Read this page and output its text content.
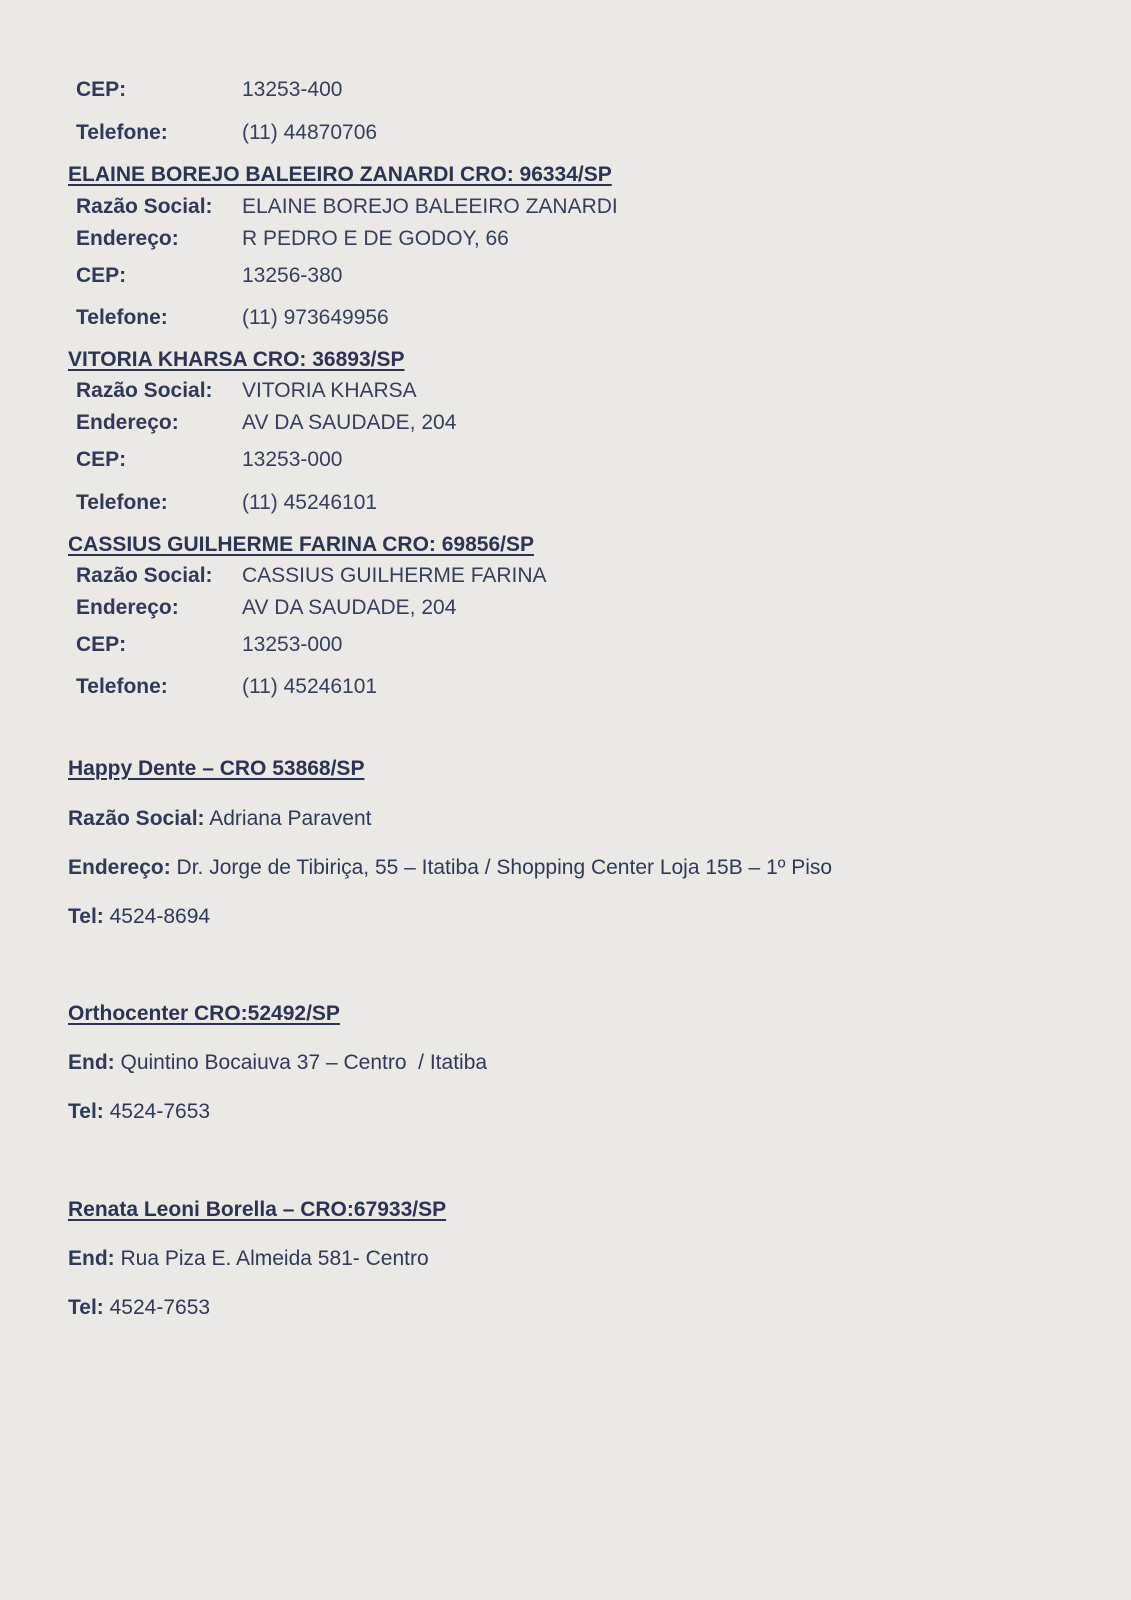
CEP:	13253-400
Telefone:	(11) 44870706
ELAINE BOREJO BALEEIRO ZANARDI CRO: 96334/SP
Razão Social: ELAINE BOREJO BALEEIRO ZANARDI
Endereço:	R PEDRO E DE GODOY, 66
CEP:	13256-380
Telefone:	(11) 973649956
VITORIA KHARSA CRO: 36893/SP
Razão Social: VITORIA KHARSA
Endereço:	AV DA SAUDADE, 204
CEP:	13253-000
Telefone:	(11) 45246101
CASSIUS GUILHERME FARINA CRO: 69856/SP
Razão Social: CASSIUS GUILHERME FARINA
Endereço:	AV DA SAUDADE, 204
CEP:	13253-000
Telefone:	(11) 45246101
Happy Dente – CRO 53868/SP
Razão Social: Adriana Paravent
Endereço: Dr. Jorge de Tibiriça, 55 – Itatiba / Shopping Center Loja 15B – 1º Piso
Tel: 4524-8694
Orthocenter CRO:52492/SP
End: Quintino Bocaiuva 37 – Centro  / Itatiba
Tel: 4524-7653
Renata Leoni Borella – CRO:67933/SP
End: Rua Piza E. Almeida 581- Centro
Tel: 4524-7653
